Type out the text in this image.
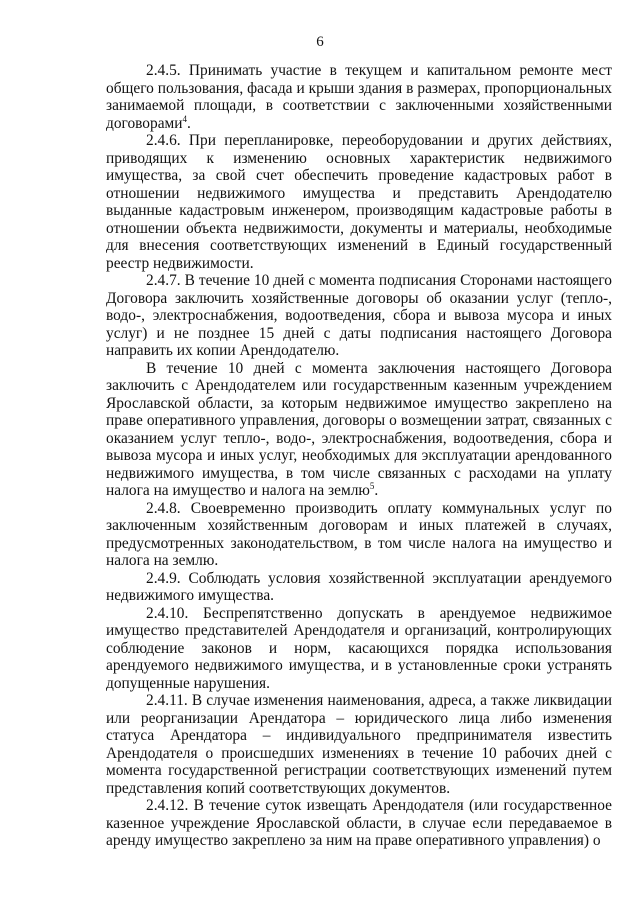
6

2.4.5. Принимать участие в текущем и капитальном ремонте мест общего пользования, фасада и крыши здания в размерах, пропорциональных занимаемой площади, в соответствии с заключенными хозяйственными договорами$^4$.

2.4.6. При перепланировке, переоборудовании и других действиях, приводящих к изменению основных характеристик недвижимого имущества, за свой счет обеспечить проведение кадастровых работ в отношении недвижимого имущества и представить Арендодателю выданные кадастровым инженером, производящим кадастровые работы в отношении объекта недвижимости, документы и материалы, необходимые для внесения соответствующих изменений в Единый государственный реестр недвижимости.

2.4.7. В течение 10 дней с момента подписания Сторонами настоящего Договора заключить хозяйственные договоры об оказании услуг (тепло-, водо-, электроснабжения, водоотведения, сбора и вывоза мусора и иных услуг) и не позднее 15 дней с даты подписания настоящего Договора направить их копии Арендодателю.

В течение 10 дней с момента заключения настоящего Договора заключить с Арендодателем или государственным казенным учреждением Ярославской области, за которым недвижимое имущество закреплено на праве оперативного управления, договоры о возмещении затрат, связанных с оказанием услуг тепло-, водо-, электроснабжения, водоотведения, сбора и вывоза мусора и иных услуг, необходимых для эксплуатации арендованного недвижимого имущества, в том числе связанных с расходами на уплату налога на имущество и налога на землю$^5$.

2.4.8. Своевременно производить оплату коммунальных услуг по заключенным хозяйственным договорам и иных платежей в случаях, предусмотренных законодательством, в том числе налога на имущество и налога на землю.

2.4.9. Соблюдать условия хозяйственной эксплуатации арендуемого недвижимого имущества.

2.4.10. Беспрепятственно допускать в арендуемое недвижимое имущество представителей Арендодателя и организаций, контролирующих соблюдение законов и норм, касающихся порядка использования арендуемого недвижимого имущества, и в установленные сроки устранять допущенные нарушения.

2.4.11. В случае изменения наименования, адреса, а также ликвидации или реорганизации Арендатора – юридического лица либо изменения статуса Арендатора – индивидуального предпринимателя известить Арендодателя о происшедших изменениях в течение 10 рабочих дней с момента государственной регистрации соответствующих изменений путем представления копий соответствующих документов.

2.4.12. В течение суток извещать Арендодателя (или государственное казенное учреждение Ярославской области, в случае если передаваемое в аренду имущество закреплено за ним на праве оперативного управления) о
